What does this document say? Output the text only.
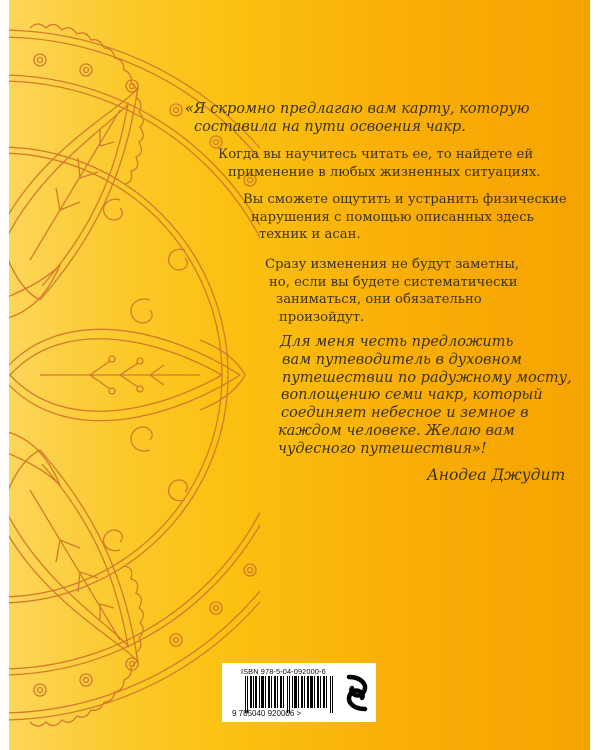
«Я скромно предлагаю вам карту, которую
составила на пути освоения чакр.
Когда вы научитесь читать ее, то найдете ей
применение в любых жизненных ситуациях.
Вы сможете ощутить и устранить физические
нарушения с помощью описанных здесь
техник и асан.
Сразу изменения не будут заметны,
но, если вы будете систематически
заниматься, они обязательно
произойдут.
Для меня честь предложить
вам путеводитель в духовном
путешествии по радужному мосту,
воплощению семи чакр, который
соединяет небесное и земное в
каждом человеке. Желаю вам
чудесного путешествия»!
Анодеа Джудит
ISBN 978-5-04-092000-6
9 785040 920006 >
